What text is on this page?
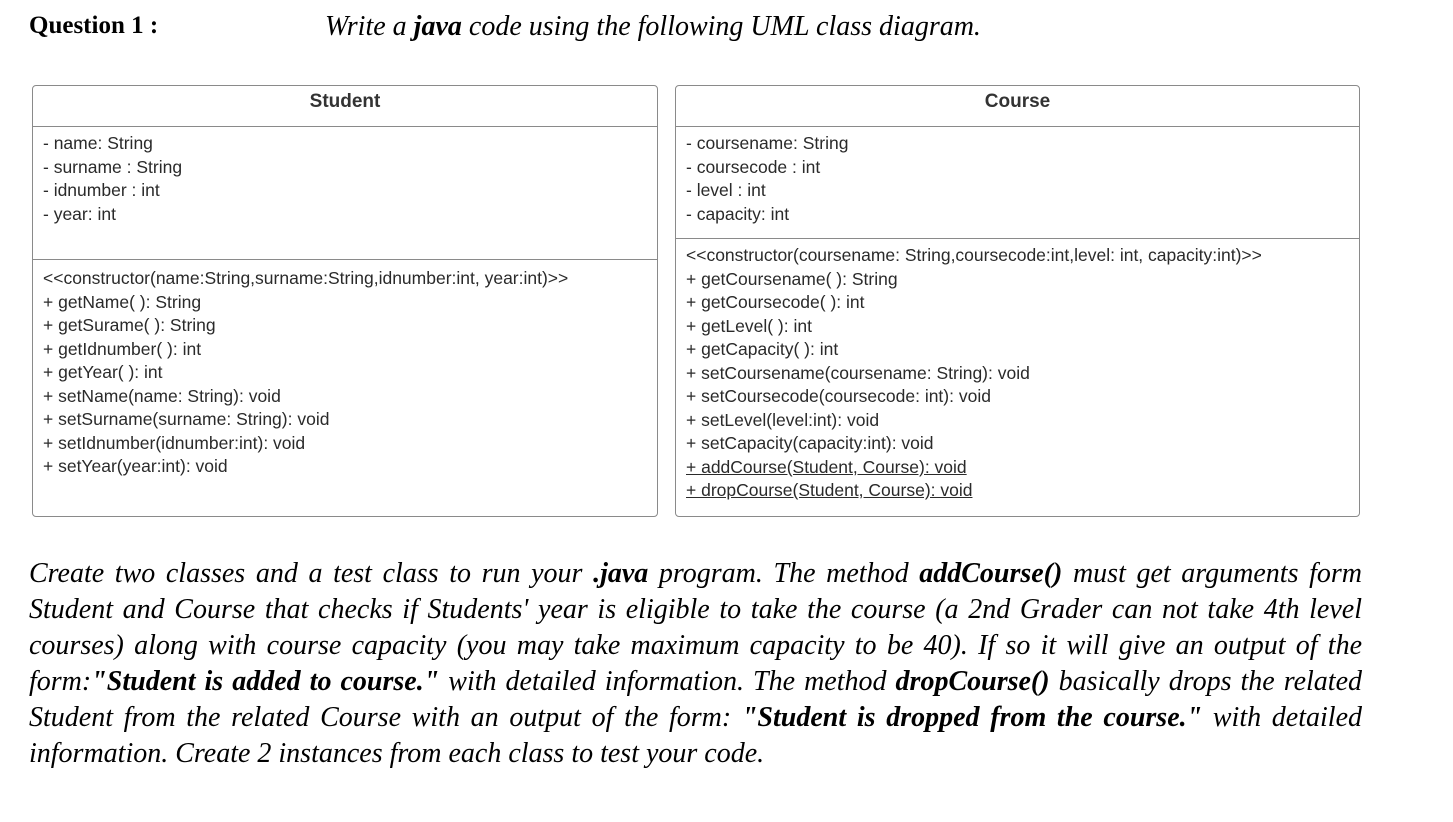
Question 1 :	Write a java code using the following UML class diagram.
Student
- name: String
- surname : String
- idnumber : int
- year: int
<<constructor(name:String,surname:String,idnumber:int, year:int)>>
+ getName( ): String
+ getSurame( ): String
+ getIdnumber( ): int
+ getYear( ): int
+ setName(name: String): void
+ setSurname(surname: String): void
+ setIdnumber(idnumber:int): void
+ setYear(year:int): void
Course
- coursename: String
- coursecode : int
- level : int
- capacity: int
<<constructor(coursename: String,coursecode:int,level: int, capacity:int)>>
+ getCoursename( ): String
+ getCoursecode( ): int
+ getLevel( ): int
+ getCapacity( ): int
+ setCoursename(coursename: String): void
+ setCoursecode(coursecode: int): void
+ setLevel(level:int): void
+ setCapacity(capacity:int): void
+ addCourse(Student, Course): void
+ dropCourse(Student, Course): void

Create two classes and a test class to run your .java program. The method addCourse() must get arguments form Student and Course that checks if Students' year is eligible to take the course (a 2nd Grader can not take 4th level courses) along with course capacity (you may take maximum capacity to be 40). If so it will give an output of the form:"Student is added to course." with detailed information. The method dropCourse() basically drops the related Student from the related Course with an output of the form: "Student is dropped from the course." with detailed information. Create 2 instances from each class to test your code.
